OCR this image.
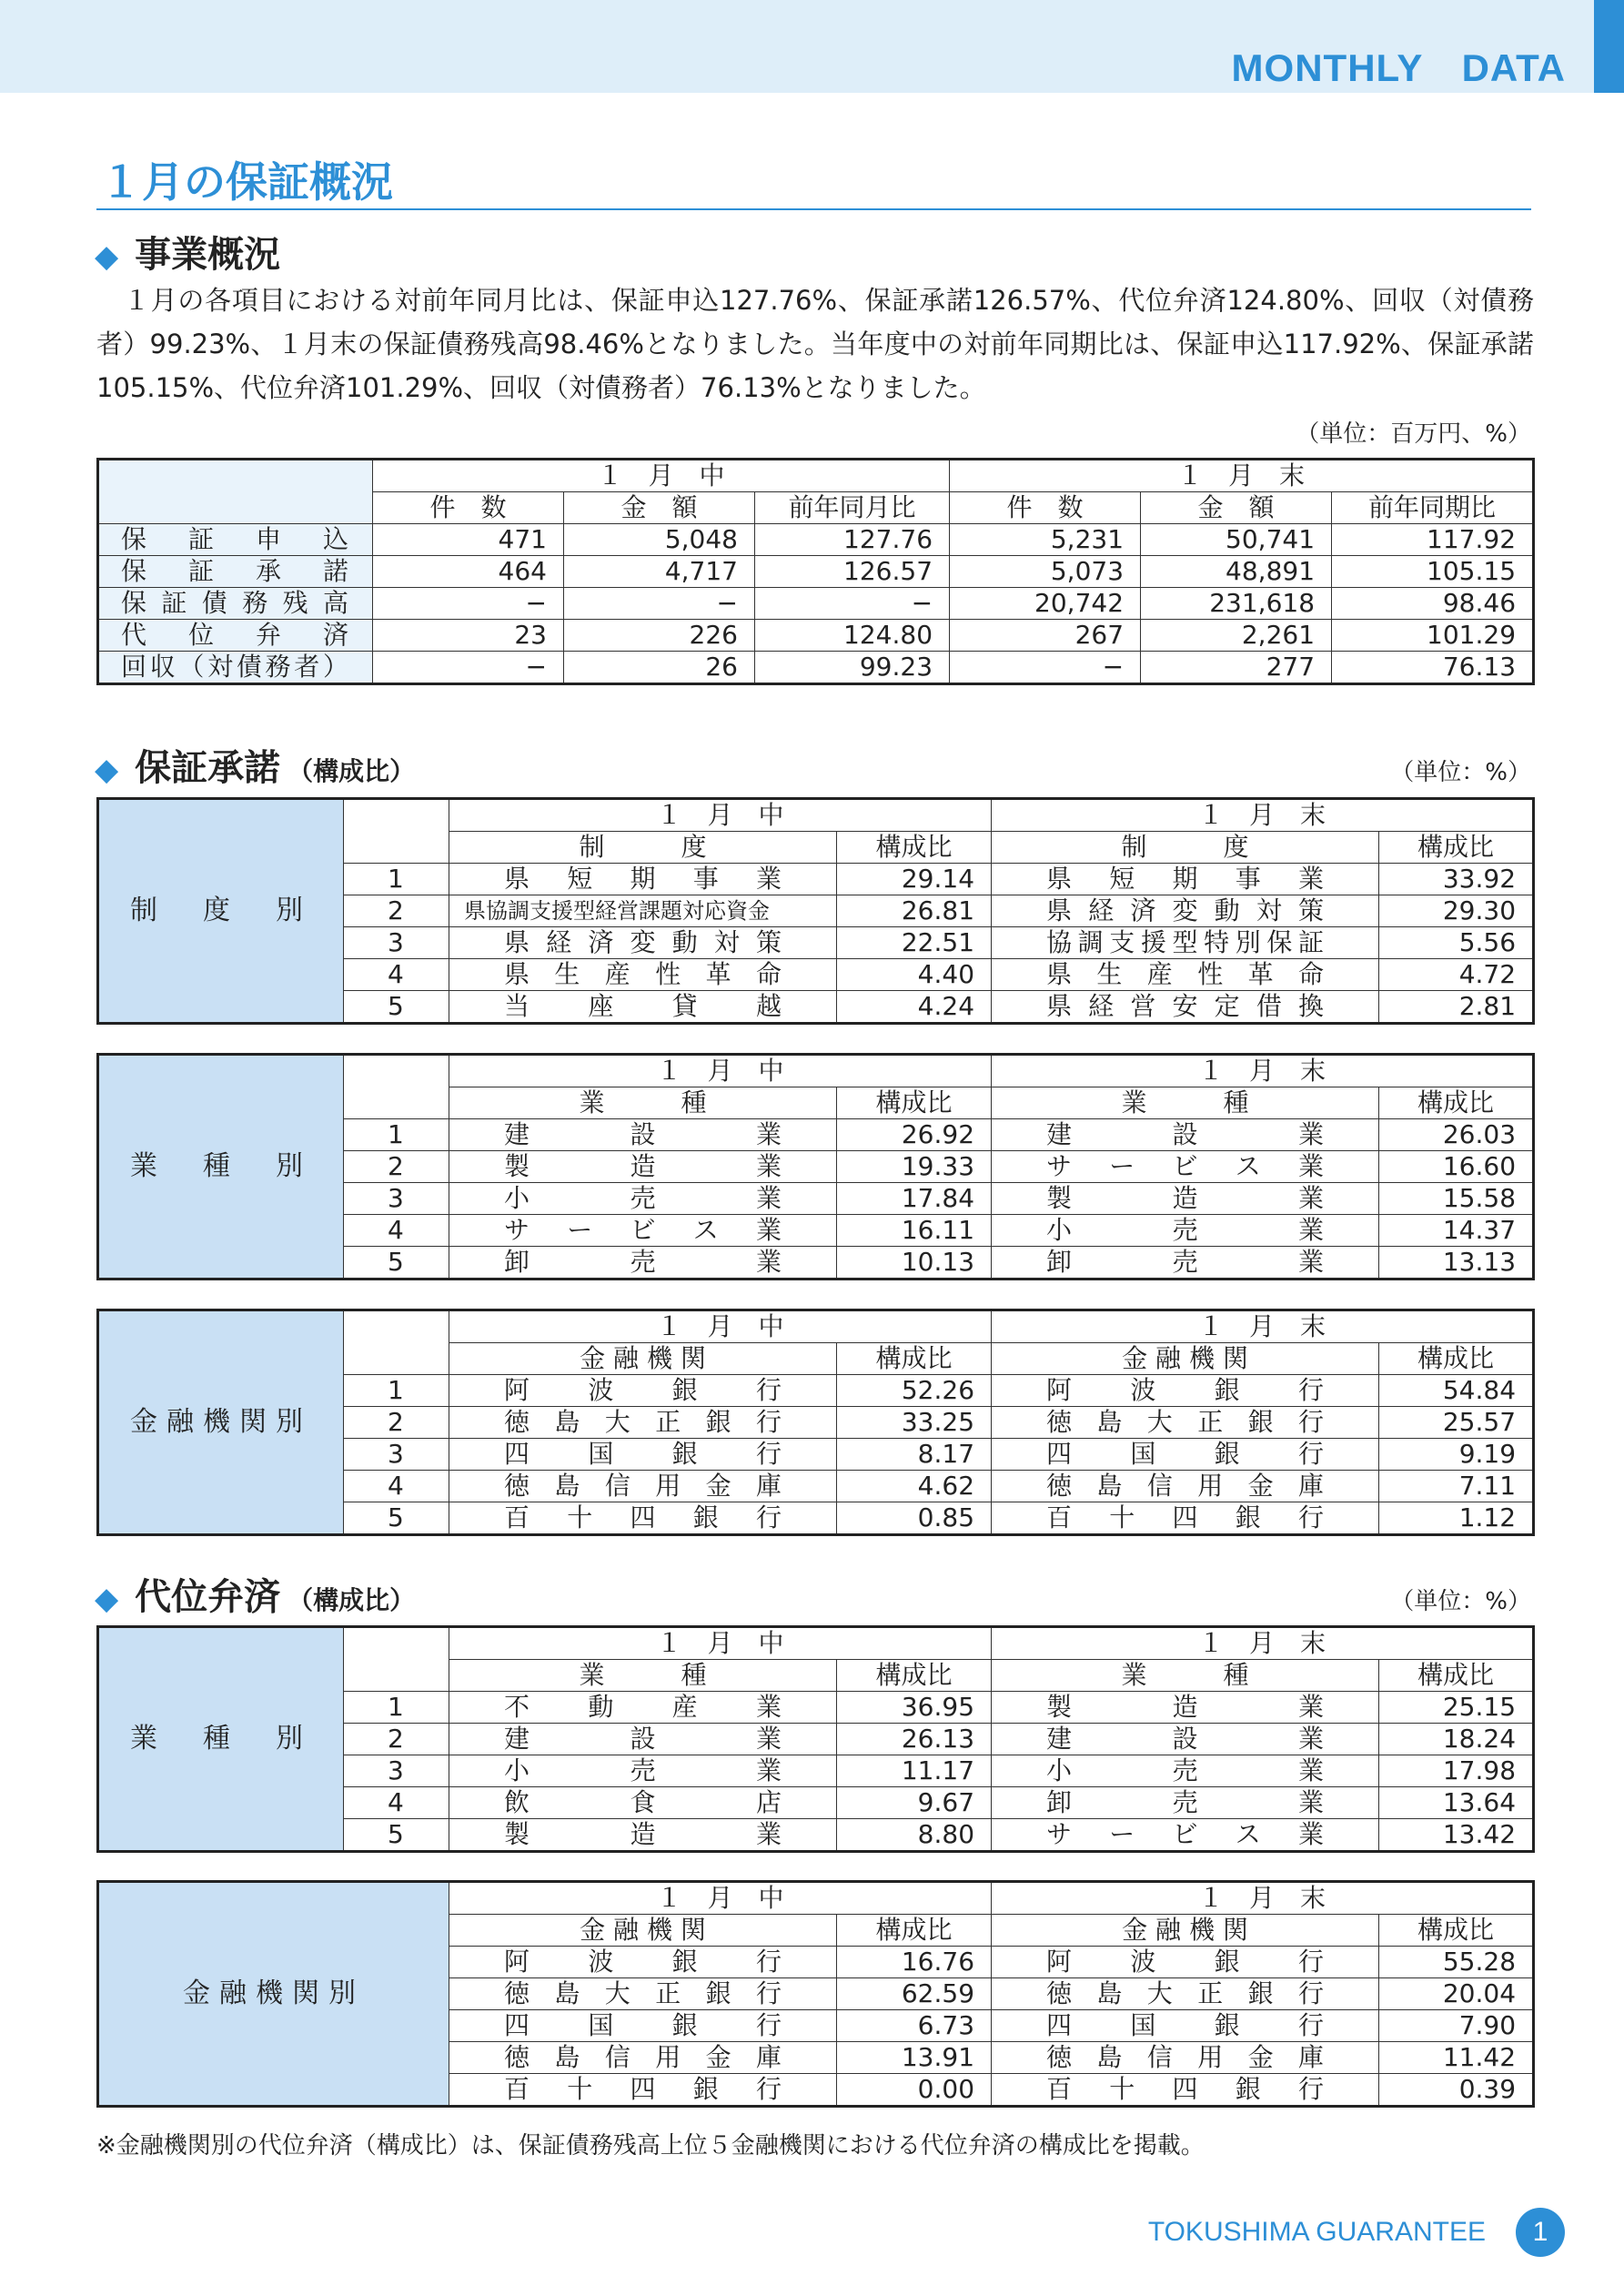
MONTHLY　DATA
１月の保証概況
◆ 事業概況
　１月の各項目における対前年同月比は、保証申込127.76%、保証承諾126.57%、代位弁済124.80%、回収（対債務者）99.23%、１月末の保証債務残高98.46%となりました。当年度中の対前年同期比は、保証申込117.92%、保証承諾105.15%、代位弁済101.29%、回収（対債務者）76.13%となりました。
（単位：百万円、%）
	１　月　中			１　月　末		
	件　数	金　額	前年同月比	件　数	金　額	前年同期比
保証申込	471	5,048	127.76	5,231	50,741	117.92
保証承諾	464	4,717	126.57	5,073	48,891	105.15
保証債務残高	−	−	−	20,742	231,618	98.46
代位弁済	23	226	124.80	267	2,261	101.29
回収（対債務者）	−	26	99.23	−	277	76.13
◆ 保証承諾 （構成比）	（単位：%）
制　度　別		１　月　中		１　月　末	
		制　　　度	構成比	制　　　度	構成比
	1	県短期事業	29.14	県短期事業	33.92
	2	県協調支援型経営課題対応資金	26.81	県経済変動対策	29.30
	3	県経済変動対策	22.51	協調支援型特別保証	5.56
	4	県生産性革命	4.40	県生産性革命	4.72
	5	当座貸越	4.24	県経営安定借換	2.81
業　種　別		１　月　中		１　月　末	
		業　　　種	構成比	業　　　種	構成比
	1	建設業	26.92	建設業	26.03
	2	製造業	19.33	サービス業	16.60
	3	小売業	17.84	製造業	15.58
	4	サービス業	16.11	小売業	14.37
	5	卸売業	10.13	卸売業	13.13
金融機関別		１　月　中		１　月　末	
		金 融 機 関	構成比	金 融 機 関	構成比
	1	阿波銀行	52.26	阿波銀行	54.84
	2	徳島大正銀行	33.25	徳島大正銀行	25.57
	3	四国銀行	8.17	四国銀行	9.19
	4	徳島信用金庫	4.62	徳島信用金庫	7.11
	5	百十四銀行	0.85	百十四銀行	1.12
◆ 代位弁済 （構成比）	（単位：%）
業　種　別		１　月　中		１　月　末	
		業　　　種	構成比	業　　　種	構成比
	1	不動産業	36.95	製造業	25.15
	2	建設業	26.13	建設業	18.24
	3	小売業	11.17	小売業	17.98
	4	飲食店	9.67	卸売業	13.64
	5	製造業	8.80	サービス業	13.42
金融機関別	１　月　中		１　月　末	
	金 融 機 関	構成比	金 融 機 関	構成比
	阿波銀行	16.76	阿波銀行	55.28
	徳島大正銀行	62.59	徳島大正銀行	20.04
	四国銀行	6.73	四国銀行	7.90
	徳島信用金庫	13.91	徳島信用金庫	11.42
	百十四銀行	0.00	百十四銀行	0.39
※金融機関別の代位弁済（構成比）は、保証債務残高上位５金融機関における代位弁済の構成比を掲載。
TOKUSHIMA GUARANTEE	1
